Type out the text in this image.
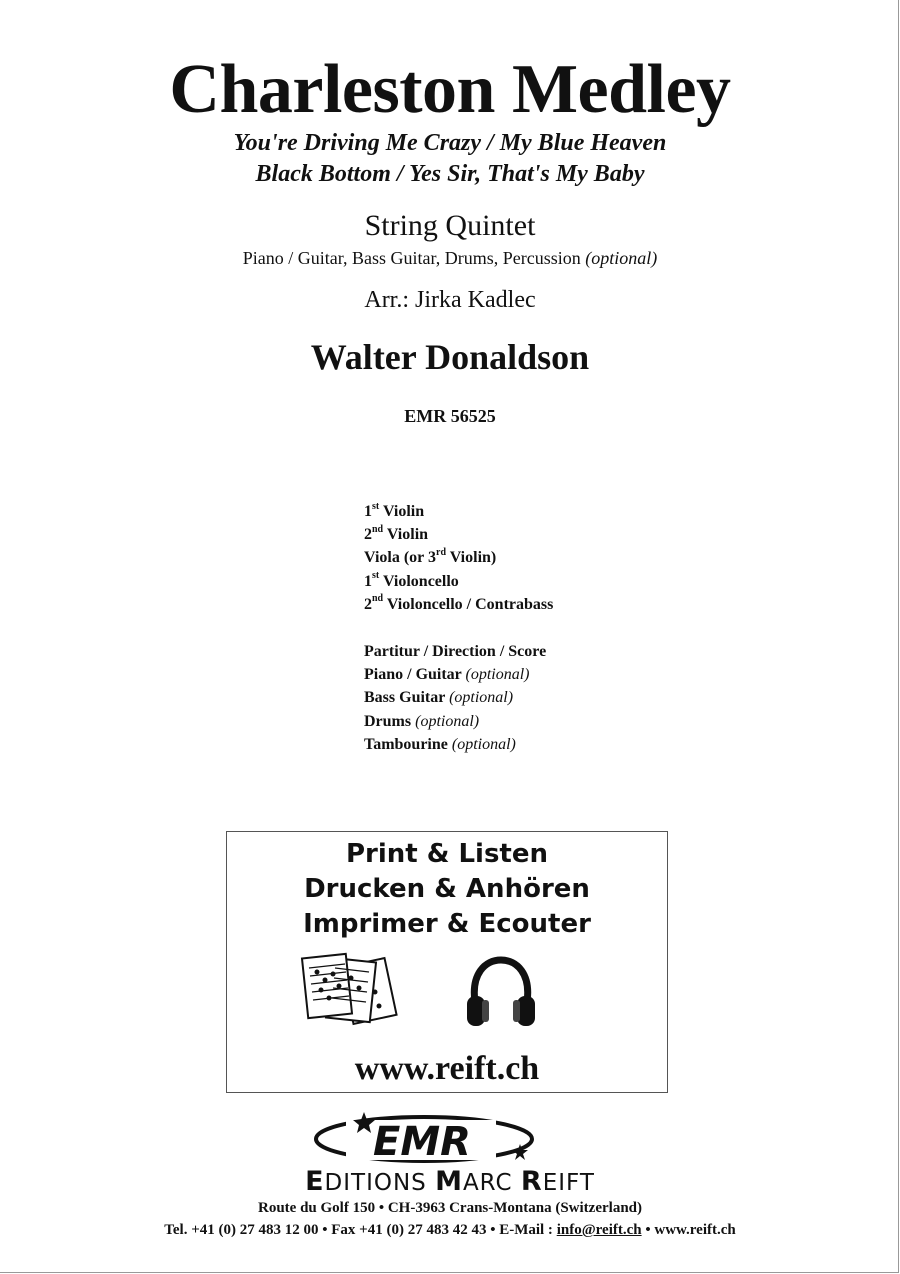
Charleston Medley
You're Driving Me Crazy / My Blue Heaven
Black Bottom / Yes Sir, That's My Baby
String Quintet
Piano / Guitar, Bass Guitar, Drums, Percussion (optional)
Arr.: Jirka Kadlec
Walter Donaldson
EMR 56525
1st Violin
2nd Violin
Viola (or 3rd Violin)
1st Violoncello
2nd Violoncello / Contrabass
Partitur / Direction / Score
Piano / Guitar (optional)
Bass Guitar (optional)
Drums (optional)
Tambourine (optional)
Print & Listen
Drucken & Anhören
Imprimer & Ecouter
www.reift.ch
EMR
EDITIONS MARC REIFT
Route du Golf 150 • CH-3963 Crans-Montana (Switzerland)
Tel. +41 (0) 27 483 12 00 • Fax +41 (0) 27 483 42 43 • E-Mail : info@reift.ch • www.reift.ch
